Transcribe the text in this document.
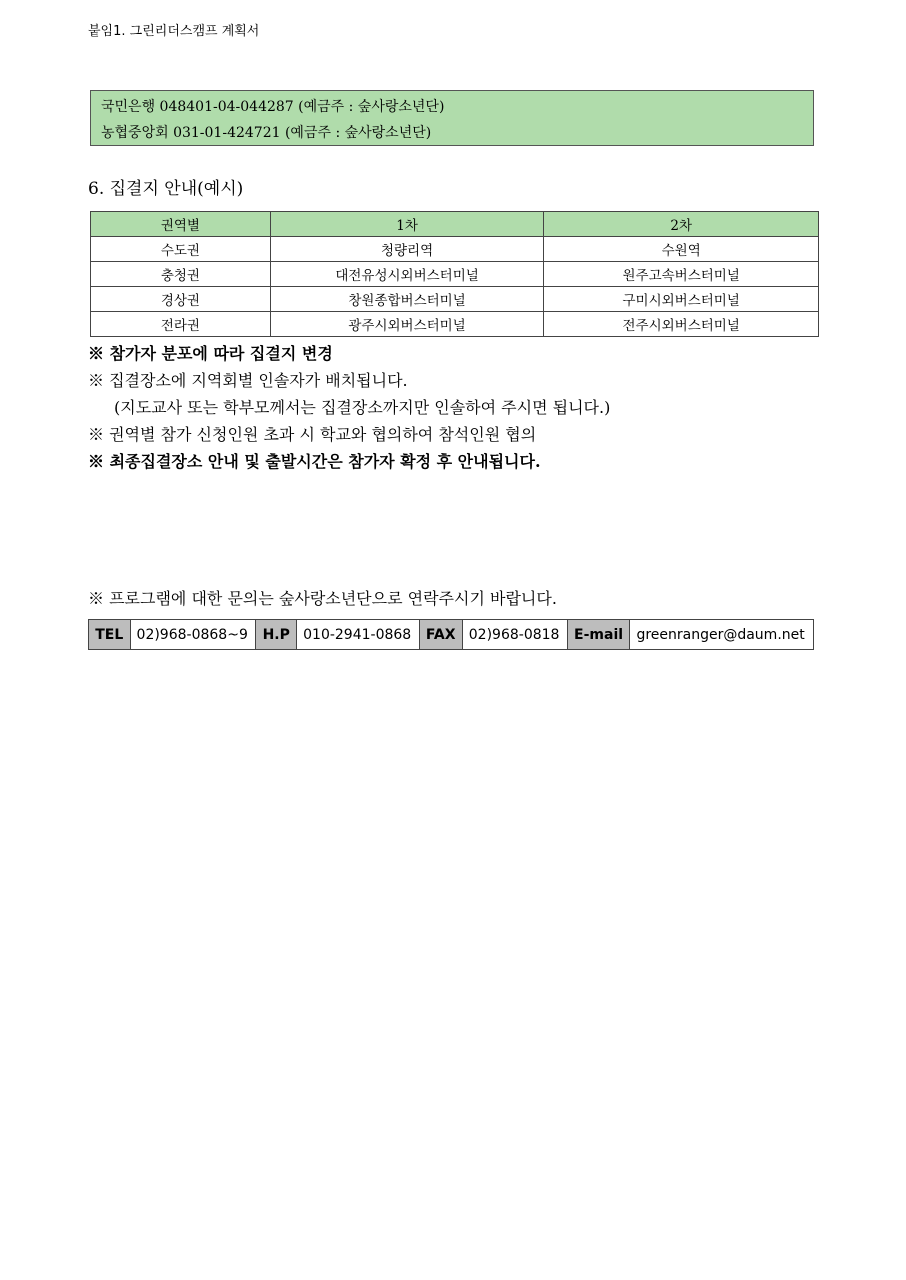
붙임1. 그린리더스캠프 계획서
국민은행 048401-04-044287 (예금주 : 숲사랑소년단)
농협중앙회 031-01-424721 (예금주 : 숲사랑소년단)
6. 집결지 안내(예시)
권역별	1차	2차
수도권	청량리역	수원역
충청권	대전유성시외버스터미널	원주고속버스터미널
경상권	창원종합버스터미널	구미시외버스터미널
전라권	광주시외버스터미널	전주시외버스터미널
※ 참가자 분포에 따라 집결지 변경
※ 집결장소에 지역회별 인솔자가 배치됩니다.
(지도교사 또는 학부모께서는 집결장소까지만 인솔하여 주시면 됩니다.)
※ 권역별 참가 신청인원 초과 시 학교와 협의하여 참석인원 협의
※ 최종집결장소 안내 및 출발시간은 참가자 확정 후 안내됩니다.
※ 프로그램에 대한 문의는 숲사랑소년단으로 연락주시기 바랍니다.
TEL	02)968-0868~9	H.P	010-2941-0868	FAX	02)968-0818	E-mail	greenranger@daum.net
